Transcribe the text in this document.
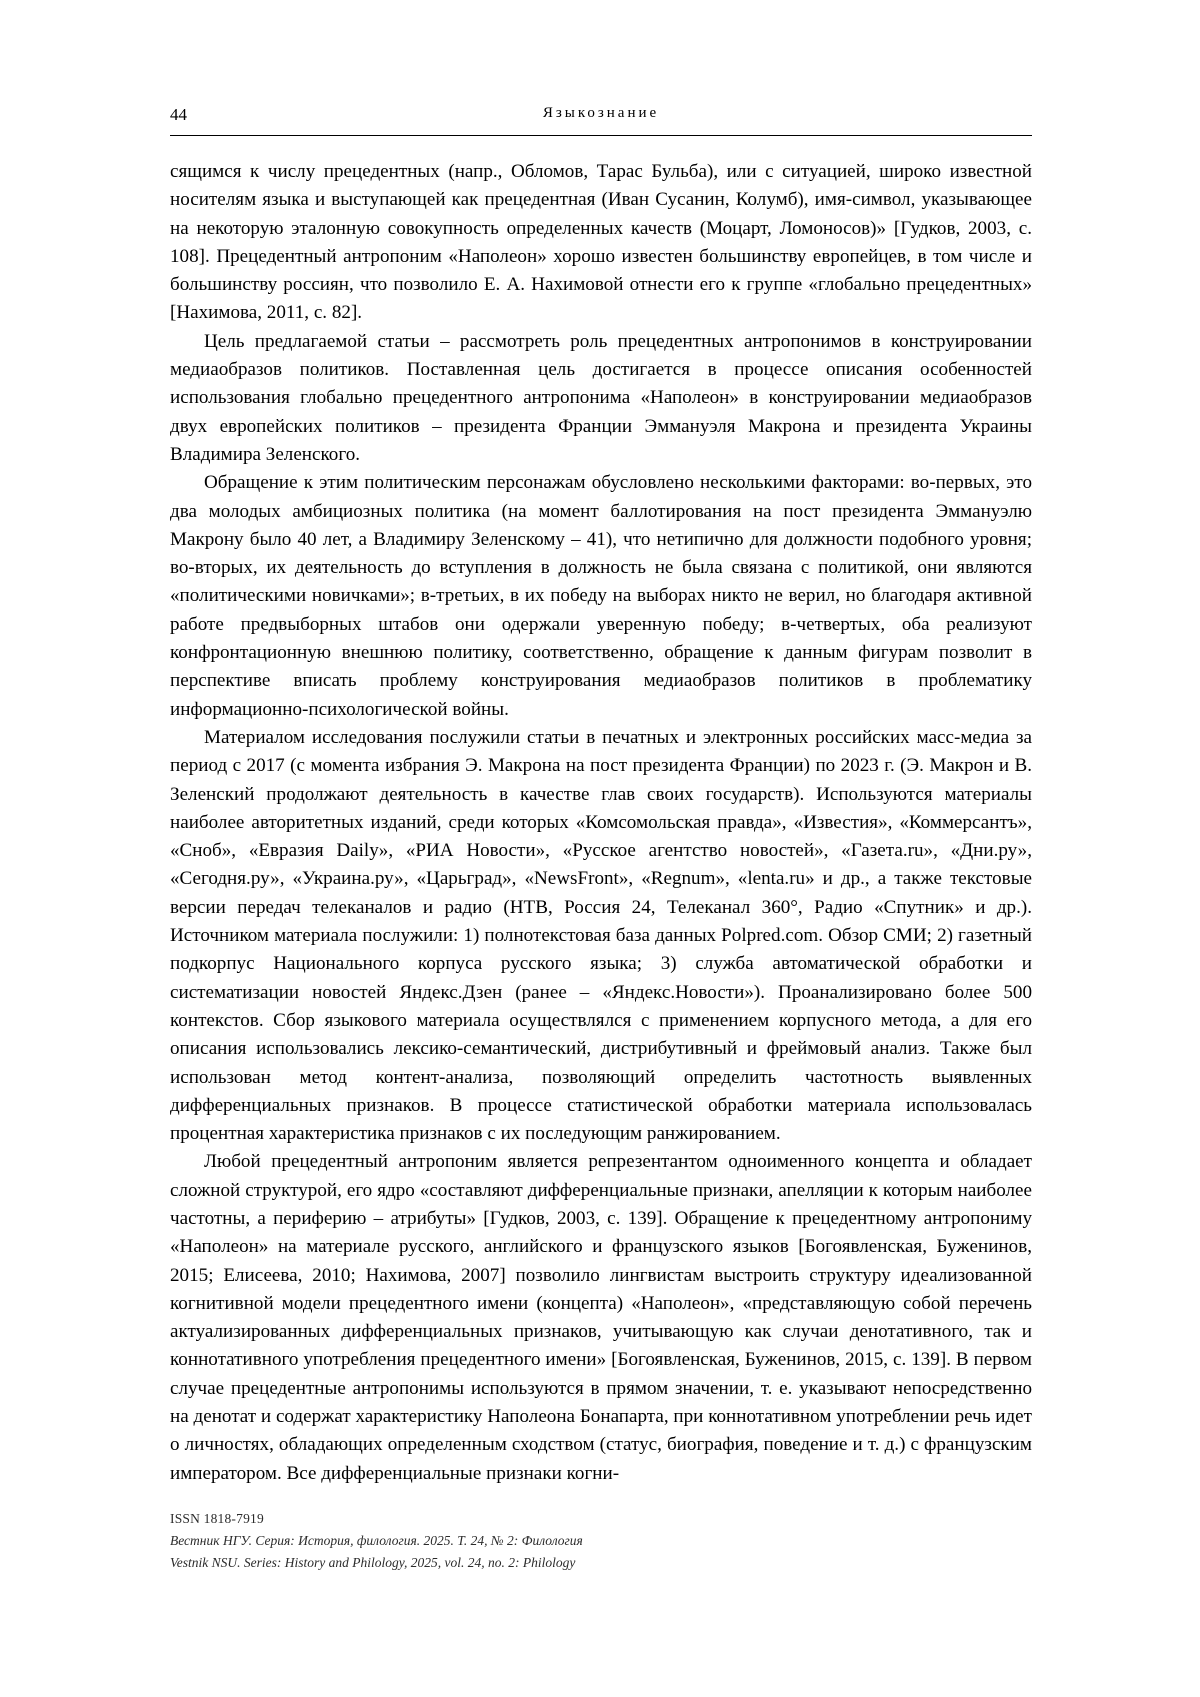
44	Языкознание

сящимся к числу прецедентных (напр., Обломов, Тарас Бульба), или с ситуацией, широко известной носителям языка и выступающей как прецедентная (Иван Сусанин, Колумб), имя-символ, указывающее на некоторую эталонную совокупность определенных качеств (Моцарт, Ломоносов)» [Гудков, 2003, с. 108]. Прецедентный антропоним «Наполеон» хорошо известен большинству европейцев, в том числе и большинству россиян, что позволило Е. А. Нахимовой отнести его к группе «глобально прецедентных» [Нахимова, 2011, с. 82].

Цель предлагаемой статьи – рассмотреть роль прецедентных антропонимов в конструировании медиаобразов политиков. Поставленная цель достигается в процессе описания особенностей использования глобально прецедентного антропонима «Наполеон» в конструировании медиаобразов двух европейских политиков – президента Франции Эммануэля Макрона и президента Украины Владимира Зеленского.

Обращение к этим политическим персонажам обусловлено несколькими факторами: во-первых, это два молодых амбициозных политика (на момент баллотирования на пост президента Эммануэлю Макрону было 40 лет, а Владимиру Зеленскому – 41), что нетипично для должности подобного уровня; во-вторых, их деятельность до вступления в должность не была связана с политикой, они являются «политическими новичками»; в-третьих, в их победу на выборах никто не верил, но благодаря активной работе предвыборных штабов они одержали уверенную победу; в-четвертых, оба реализуют конфронтационную внешнюю политику, соответственно, обращение к данным фигурам позволит в перспективе вписать проблему конструирования медиаобразов политиков в проблематику информационно-психологической войны.

Материалом исследования послужили статьи в печатных и электронных российских масс-медиа за период с 2017 (с момента избрания Э. Макрона на пост президента Франции) по 2023 г. (Э. Макрон и В. Зеленский продолжают деятельность в качестве глав своих государств). Используются материалы наиболее авторитетных изданий, среди которых «Комсомольская правда», «Известия», «Коммерсантъ», «Сноб», «Евразия Daily», «РИА Новости», «Русское агентство новостей», «Газета.ru», «Дни.ру», «Сегодня.ру», «Украина.ру», «Царьград», «NewsFront», «Regnum», «lenta.ru» и др., а также текстовые версии передач телеканалов и радио (НТВ, Россия 24, Телеканал 360°, Радио «Спутник» и др.). Источником материала послужили: 1) полнотекстовая база данных Polpred.com. Обзор СМИ; 2) газетный подкорпус Национального корпуса русского языка; 3) служба автоматической обработки и систематизации новостей Яндекс.Дзен (ранее – «Яндекс.Новости»). Проанализировано более 500 контекстов. Сбор языкового материала осуществлялся с применением корпусного метода, а для его описания использовались лексико-семантический, дистрибутивный и фреймовый анализ. Также был использован метод контент-анализа, позволяющий определить частотность выявленных дифференциальных признаков. В процессе статистической обработки материала использовалась процентная характеристика признаков с их последующим ранжированием.

Любой прецедентный антропоним является репрезентантом одноименного концепта и обладает сложной структурой, его ядро «составляют дифференциальные признаки, апелляции к которым наиболее частотны, а периферию – атрибуты» [Гудков, 2003, с. 139]. Обращение к прецедентному антропониму «Наполеон» на материале русского, английского и французского языков [Богоявленская, Бужeнинов, 2015; Елисеева, 2010; Нахимова, 2007] позволило лингвистам выстроить структуру идеализованной когнитивной модели прецедентного имени (концепта) «Наполеон», «представляющую собой перечень актуализированных дифференциальных признаков, учитывающую как случаи денотативного, так и коннотативного употребления прецедентного имени» [Богоявленская, Бужeнинов, 2015, с. 139]. В первом случае прецедентные антропонимы используются в прямом значении, т. е. указывают непосредственно на денотат и содержат характеристику Наполеона Бонапарта, при коннотативном употреблении речь идет о личностях, обладающих определенным сходством (статус, биография, поведение и т. д.) с французским императором. Все дифференциальные признаки когни-

ISSN 1818-7919
Вестник НГУ. Серия: История, филология. 2025. Т. 24, № 2: Филология
Vestnik NSU. Series: History and Philology, 2025, vol. 24, no. 2: Philology
